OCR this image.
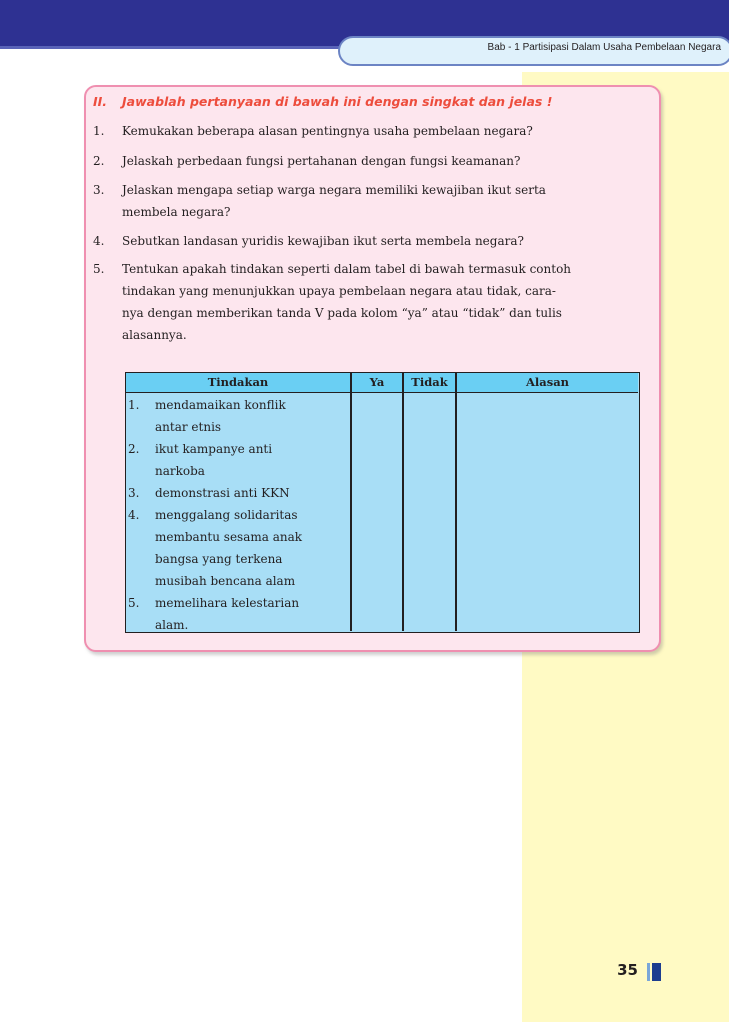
Bab - 1 Partisipasi Dalam Usaha Pembelaan Negara
II. Jawablah pertanyaan di bawah ini dengan singkat dan jelas !
1. Kemukakan beberapa alasan pentingnya usaha pembelaan negara?
2. Jelaskah perbedaan fungsi pertahanan dengan fungsi keamanan?
3. Jelaskan mengapa setiap warga negara memiliki kewajiban ikut serta
membela negara?
4. Sebutkan landasan yuridis kewajiban ikut serta membela negara?
5. Tentukan apakah tindakan seperti dalam tabel di bawah termasuk contoh
tindakan yang menunjukkan upaya pembelaan negara atau tidak, cara-
nya dengan memberikan tanda V pada kolom “ya” atau “tidak” dan tulis
alasannya.
Tindakan	Ya	Tidak	Alasan
1. mendamaikan konflik
antar etnis
2. ikut kampanye anti
narkoba
3. demonstrasi anti KKN
4. menggalang solidaritas
membantu sesama anak
bangsa yang terkena
musibah bencana alam
5. memelihara kelestarian
alam.
35
